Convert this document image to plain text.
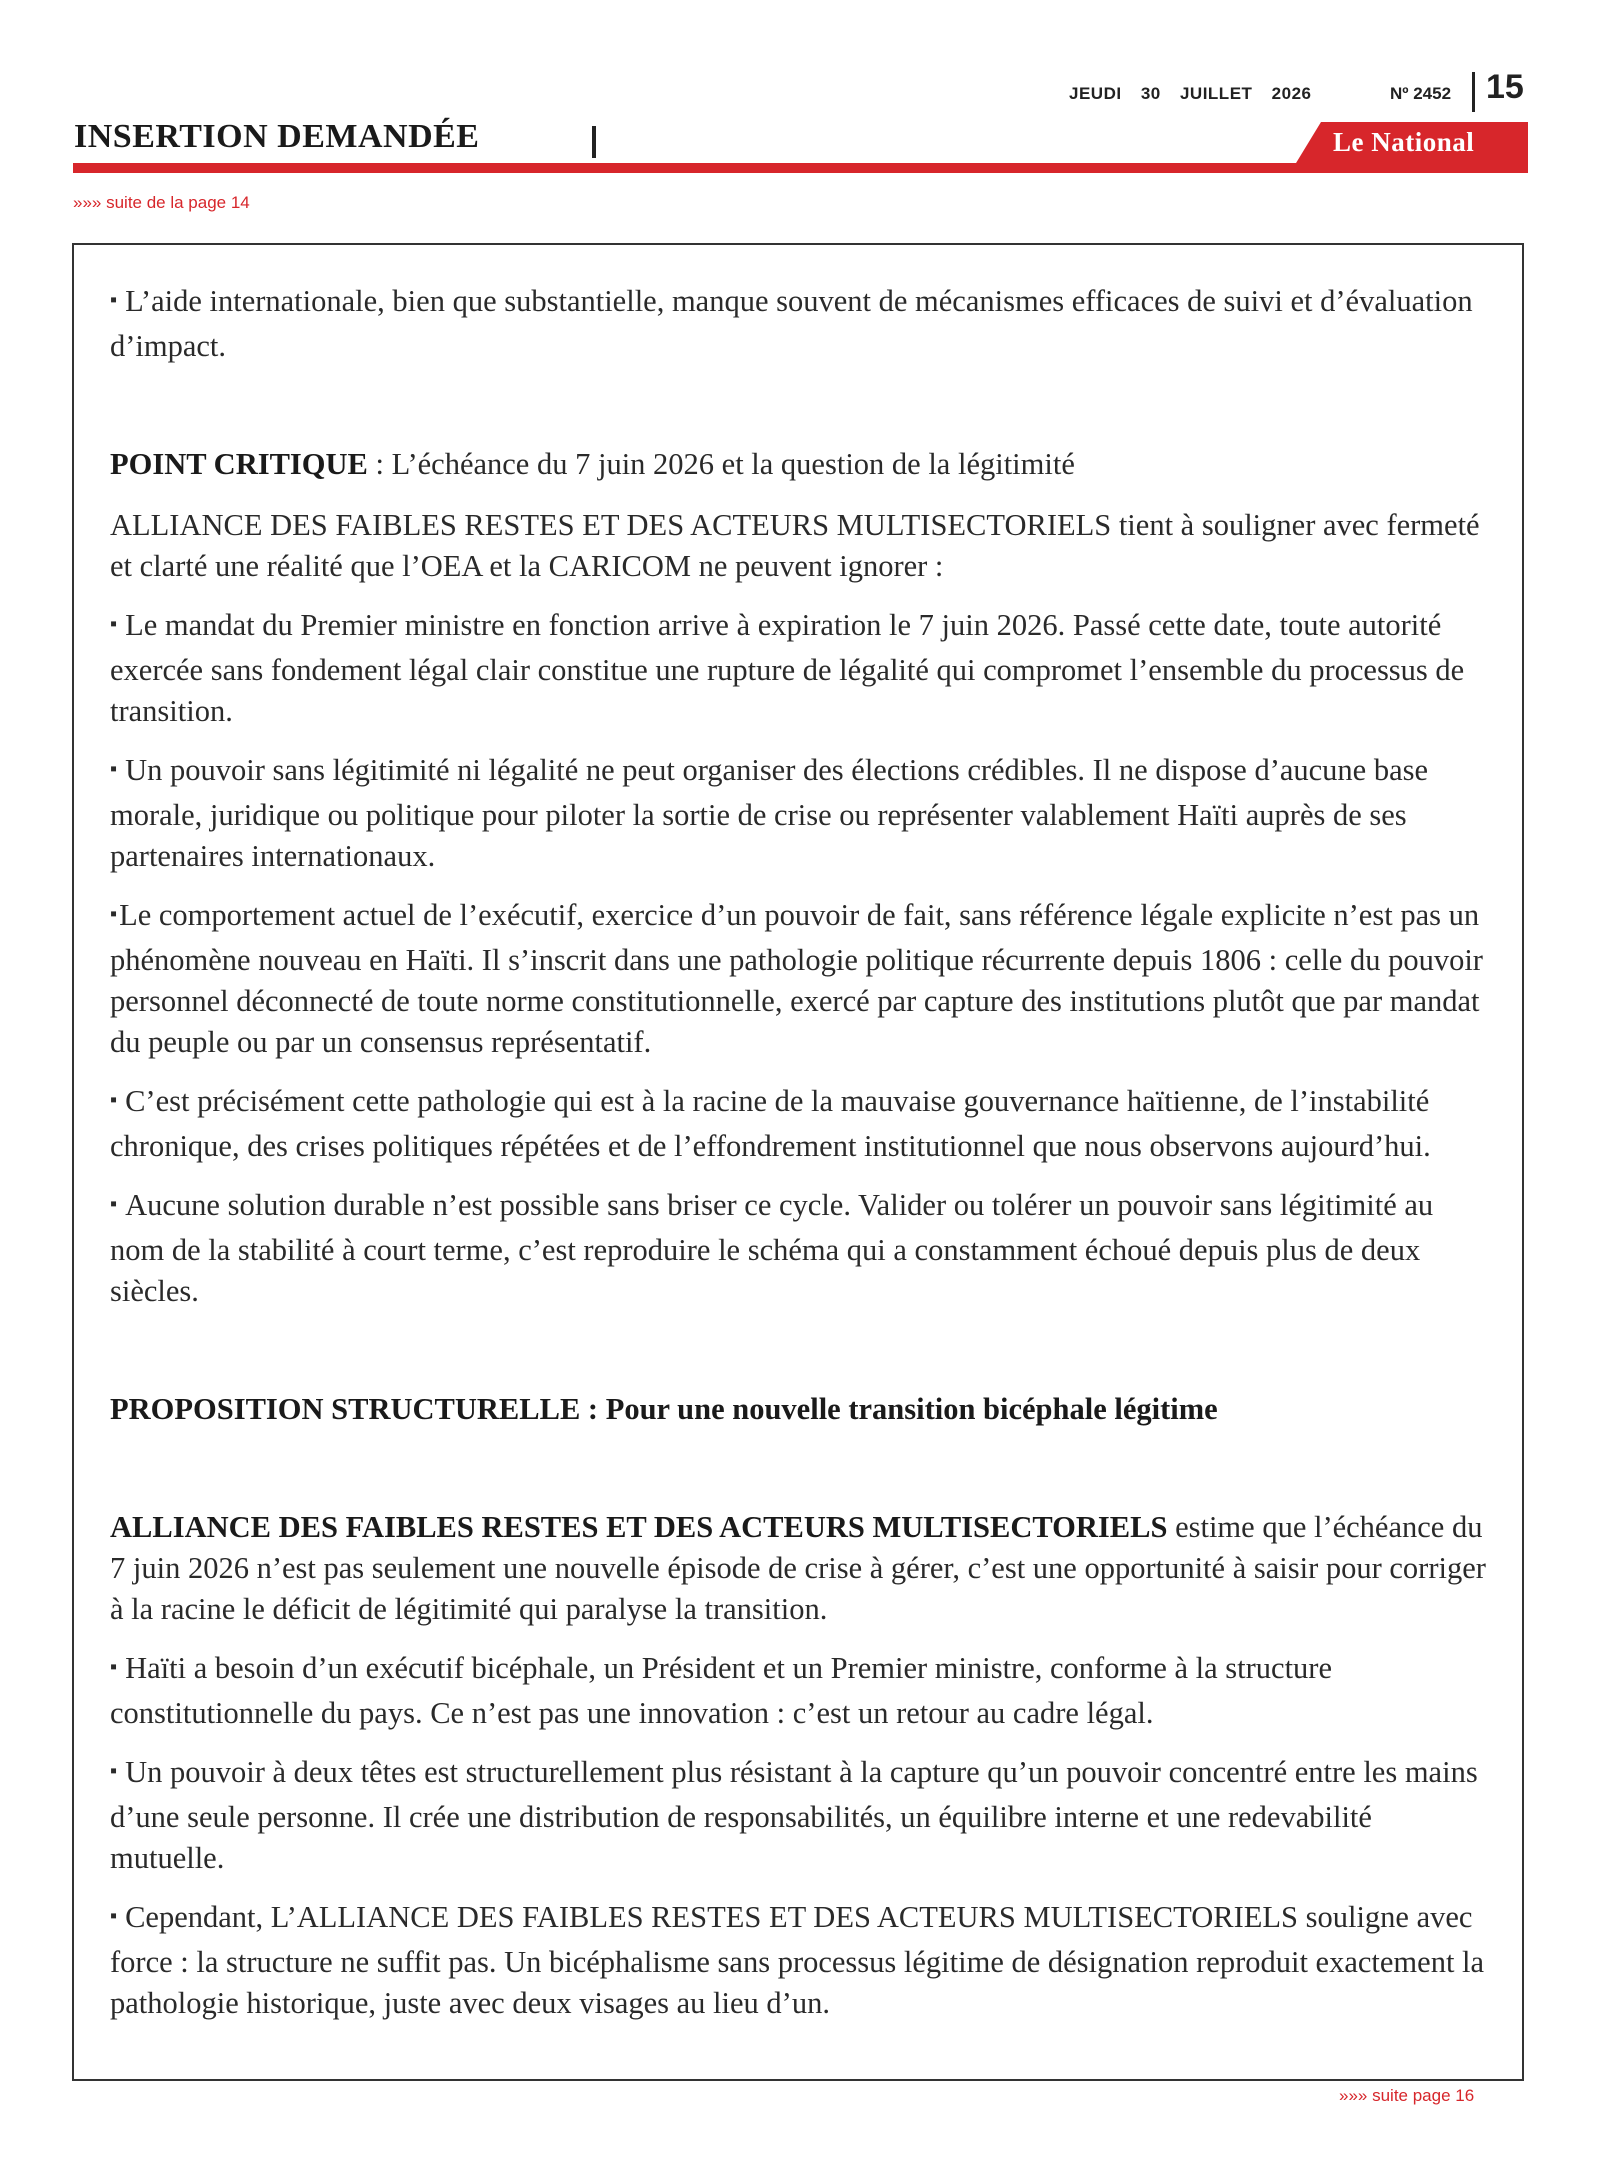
JEUDI 30 JUILLET 2026	Nº 2452 15
INSERTION DEMANDÉE	Le National
»»» suite de la page 14

▪ L’aide internationale, bien que substantielle, manque souvent de mécanismes efficaces de suivi et d’évaluation d’impact.

POINT CRITIQUE : L’échéance du 7 juin 2026 et la question de la légitimité

ALLIANCE DES FAIBLES RESTES ET DES ACTEURS MULTISECTORIELS tient à souligner avec fermeté et clarté une réalité que l’OEA et la CARICOM ne peuvent ignorer :

▪ Le mandat du Premier ministre en fonction arrive à expiration le 7 juin 2026. Passé cette date, toute autorité exercée sans fondement légal clair constitue une rupture de légalité qui compromet l’ensemble du processus de transition.

▪ Un pouvoir sans légitimité ni légalité ne peut organiser des élections crédibles. Il ne dispose d’aucune base morale, juridique ou politique pour piloter la sortie de crise ou représenter valablement Haïti auprès de ses partenaires internationaux.

▪Le comportement actuel de l’exécutif, exercice d’un pouvoir de fait, sans référence légale explicite n’est pas un phénomène nouveau en Haïti. Il s’inscrit dans une pathologie politique récurrente depuis 1806 : celle du pouvoir personnel déconnecté de toute norme constitutionnelle, exercé par capture des institutions plutôt que par mandat du peuple ou par un consensus représentatif.

▪ C’est précisément cette pathologie qui est à la racine de la mauvaise gouvernance haïtienne, de l’instabilité chronique, des crises politiques répétées et de l’effondrement institutionnel que nous observons aujourd’hui.

▪ Aucune solution durable n’est possible sans briser ce cycle. Valider ou tolérer un pouvoir sans légitimité au nom de la stabilité à court terme, c’est reproduire le schéma qui a constamment échoué depuis plus de deux siècles.

PROPOSITION STRUCTURELLE : Pour une nouvelle transition bicéphale légitime

ALLIANCE DES FAIBLES RESTES ET DES ACTEURS MULTISECTORIELS estime que l’échéance du 7 juin 2026 n’est pas seulement une nouvelle épisode de crise à gérer, c’est une opportunité à saisir pour corriger à la racine le déficit de légitimité qui paralyse la transition.

▪ Haïti a besoin d’un exécutif bicéphale, un Président et un Premier ministre, conforme à la structure constitutionnelle du pays. Ce n’est pas une innovation : c’est un retour au cadre légal.

▪ Un pouvoir à deux têtes est structurellement plus résistant à la capture qu’un pouvoir concentré entre les mains d’une seule personne. Il crée une distribution de responsabilités, un équilibre interne et une redevabilité mutuelle.

▪ Cependant, L’ALLIANCE DES FAIBLES RESTES ET DES ACTEURS MULTISECTORIELS souligne avec force : la structure ne suffit pas. Un bicéphalisme sans processus légitime de désignation reproduit exactement la pathologie historique, juste avec deux visages au lieu d’un.

»»» suite page 16
